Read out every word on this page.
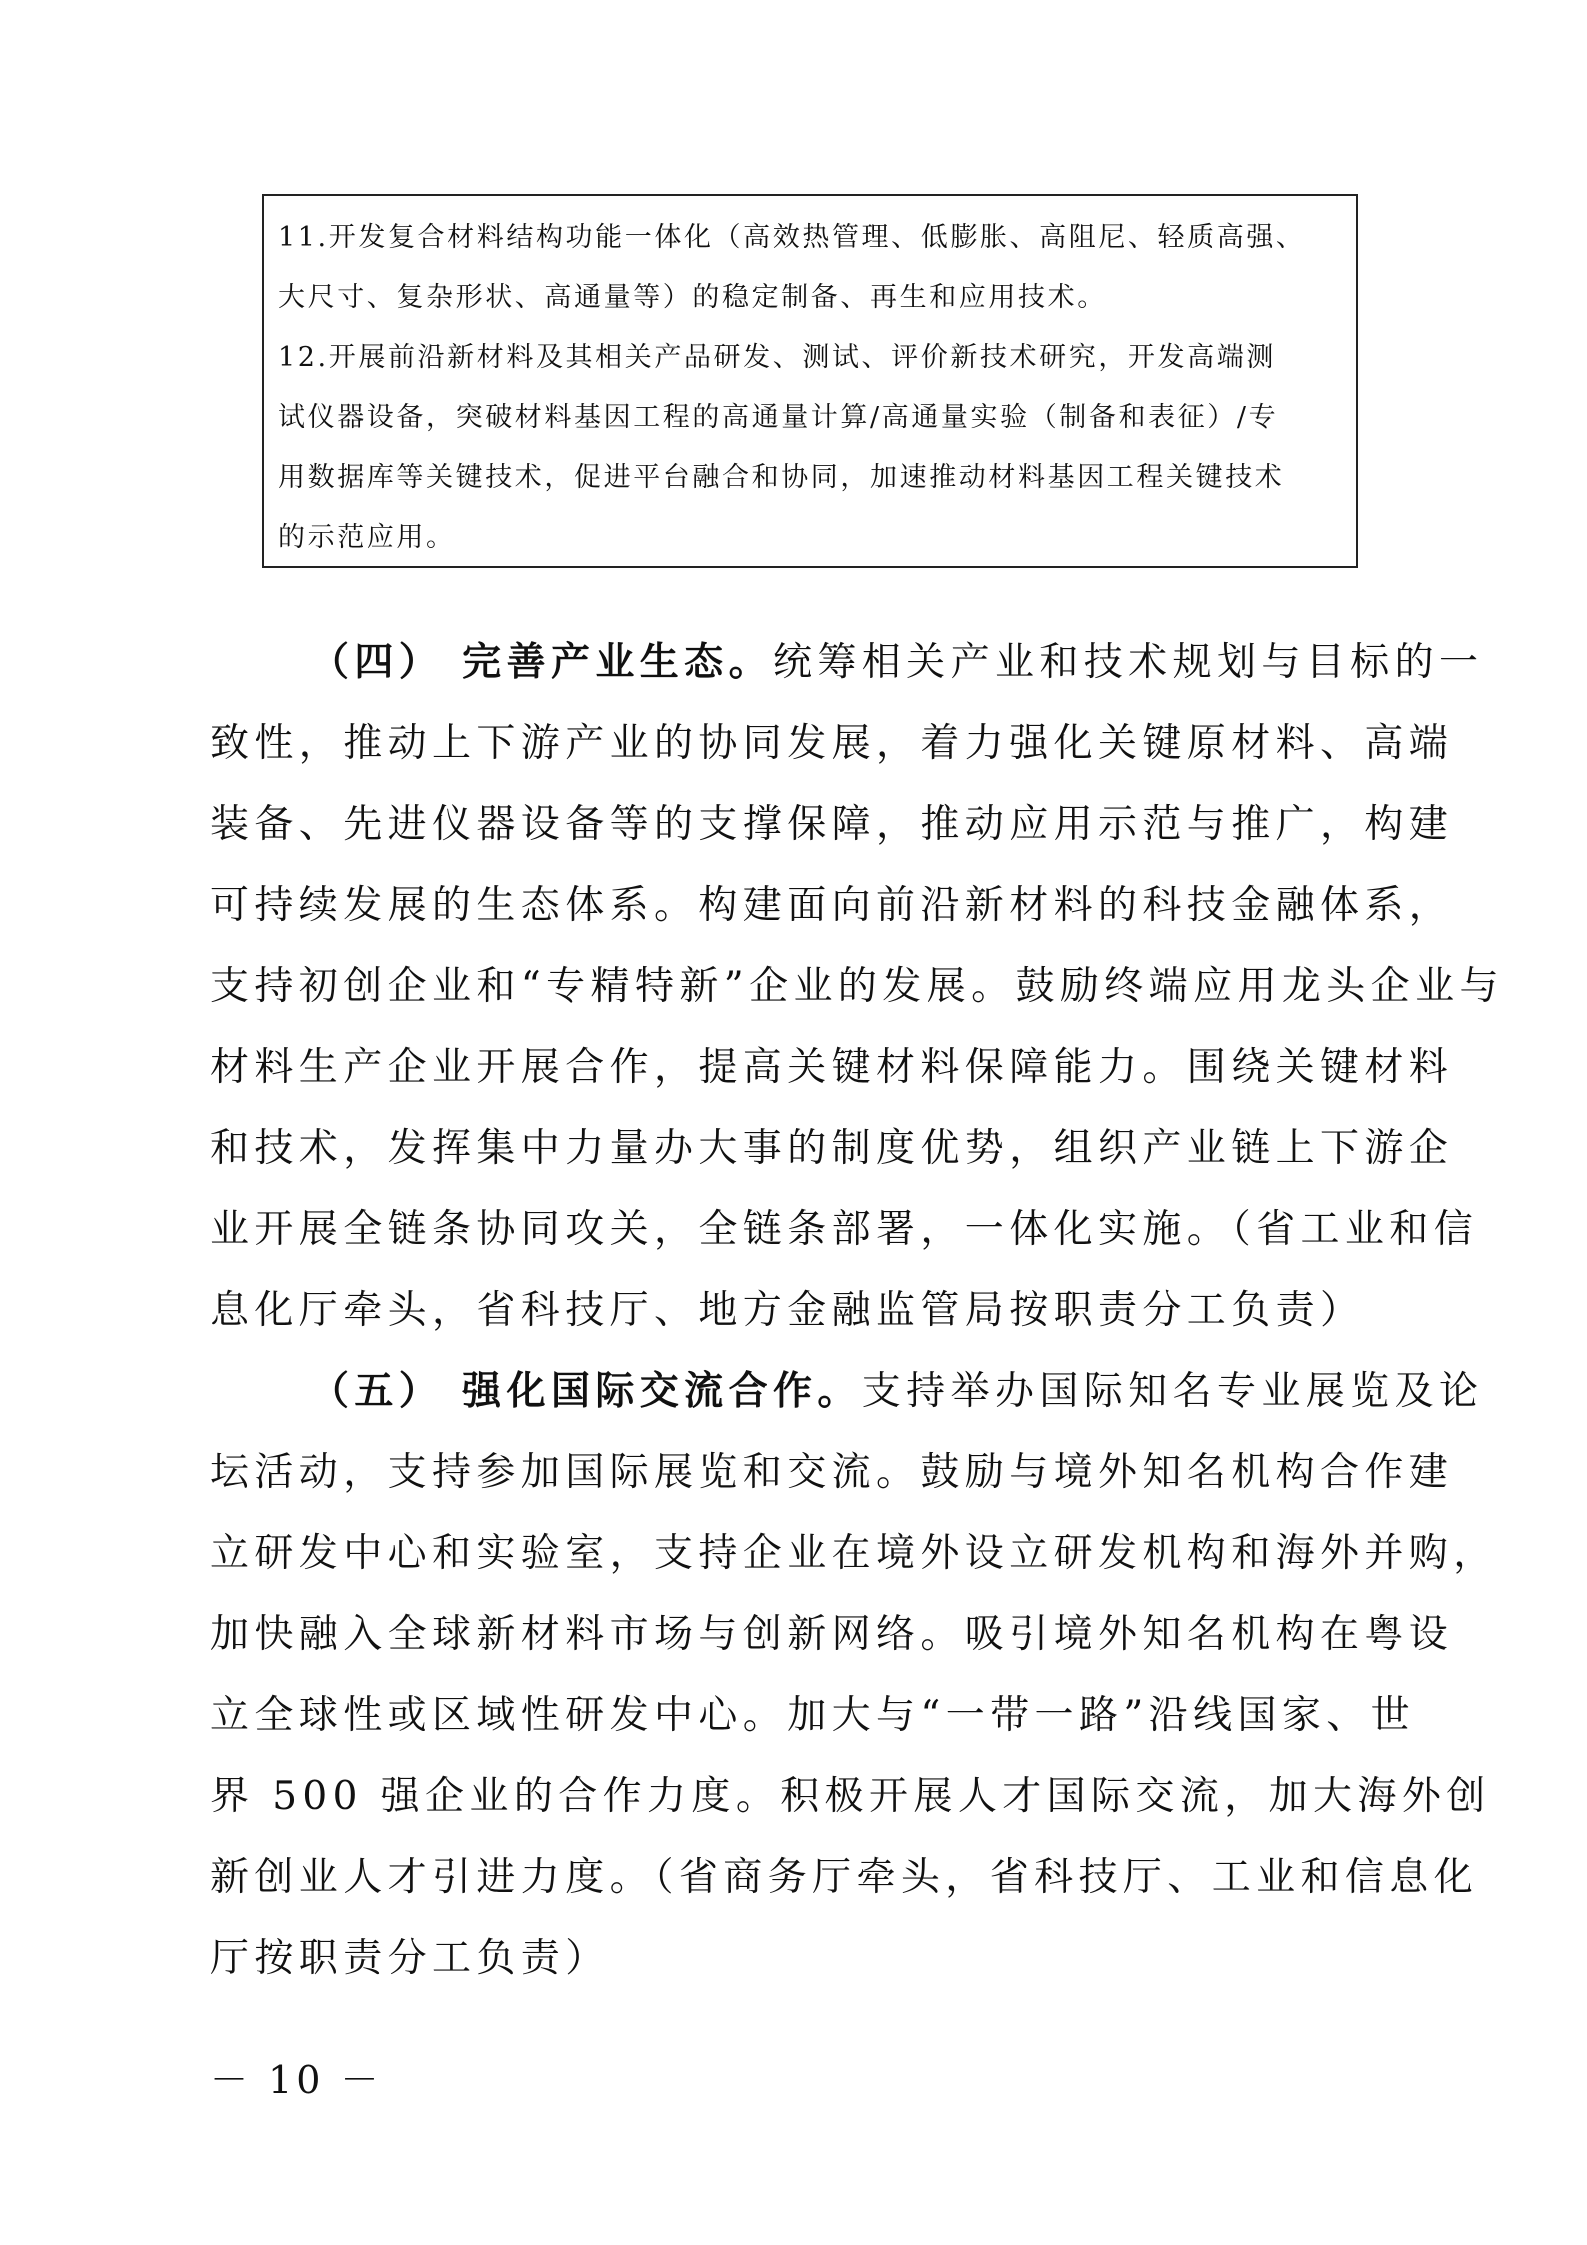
11.开发复合材料结构功能一体化（高效热管理、低膨胀、高阻尼、轻质高强、

大尺寸、复杂形状、高通量等）的稳定制备、再生和应用技术。

12.开展前沿新材料及其相关产品研发、测试、评价新技术研究，开发高端测

试仪器设备，突破材料基因工程的高通量计算/高通量实验（制备和表征）/专

用数据库等关键技术，促进平台融合和协同，加速推动材料基因工程关键技术

的示范应用。

（四） 完善产业生态。统筹相关产业和技术规划与目标的一

致性，推动上下游产业的协同发展，着力强化关键原材料、高端

装备、先进仪器设备等的支撑保障，推动应用示范与推广，构建

可持续发展的生态体系。构建面向前沿新材料的科技金融体系，

支持初创企业和“专精特新”企业的发展。鼓励终端应用龙头企业与

材料生产企业开展合作，提高关键材料保障能力。围绕关键材料

和技术，发挥集中力量办大事的制度优势，组织产业链上下游企

业开展全链条协同攻关，全链条部署，一体化实施。（省工业和信

息化厅牵头，省科技厅、地方金融监管局按职责分工负责）

（五） 强化国际交流合作。支持举办国际知名专业展览及论

坛活动，支持参加国际展览和交流。鼓励与境外知名机构合作建

立研发中心和实验室，支持企业在境外设立研发机构和海外并购，

加快融入全球新材料市场与创新网络。吸引境外知名机构在粤设

立全球性或区域性研发中心。加大与“一带一路”沿线国家、世

界 500 强企业的合作力度。积极开展人才国际交流，加大海外创

新创业人才引进力度。（省商务厅牵头，省科技厅、工业和信息化

厅按职责分工负责）

－ 10 －
